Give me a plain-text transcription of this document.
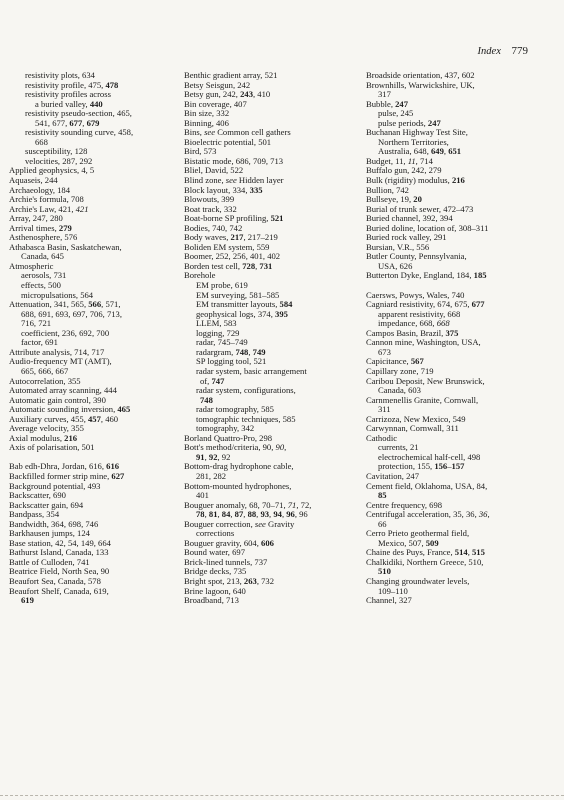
Index 779
resistivity plots, 634
resistivity profile, 475, 478
resistivity profiles across
a buried valley, 440
resistivity pseudo-section, 465,
541, 677, 677, 679
resistivity sounding curve, 458,
668
susceptibility, 128
velocities, 287, 292
Applied geophysics, 4, 5
Aquaseis, 244
Archaeology, 184
Archie's formula, 708
Archie's Law, 421, 421
Array, 247, 280
Arrival times, 279
Asthenosphere, 576
Athabasca Basin, Saskatchewan,
Canada, 645
Atmospheric
aerosols, 731
effects, 500
micropulsations, 564
Attenuation, 341, 565, 566, 571,
688, 691, 693, 697, 706, 713,
716, 721
coefficient, 236, 692, 700
factor, 691
Attribute analysis, 714, 717
Audio-frequency MT (AMT),
665, 666, 667
Autocorrelation, 355
Automated array scanning, 444
Automatic gain control, 390
Automatic sounding inversion, 465
Auxiliary curves, 455, 457, 460
Average velocity, 355
Axial modulus, 216
Axis of polarisation, 501
Bab edh-Dhra, Jordan, 616, 616
Backfilled former strip mine, 627
Background potential, 493
Backscatter, 690
Backscatter gain, 694
Bandpass, 354
Bandwidth, 364, 698, 746
Barkhausen jumps, 124
Base station, 42, 54, 149, 664
Bathurst Island, Canada, 133
Battle of Culloden, 741
Beatrice Field, North Sea, 90
Beaufort Sea, Canada, 578
Beaufort Shelf, Canada, 619,
619
Benthic gradient array, 521
Betsy Seisgun, 242
Betsy gun, 242, 243, 410
Bin coverage, 407
Bin size, 332
Binning, 406
Bins, see Common cell gathers
Bioelectric potential, 501
Bird, 573
Bistatic mode, 686, 709, 713
Bliel, David, 522
Blind zone, see Hidden layer
Block layout, 334, 335
Blowouts, 399
Boat track, 332
Boat-borne SP profiling, 521
Bodies, 740, 742
Body waves, 217, 217–219
Boliden EM system, 559
Boomer, 252, 256, 401, 402
Borden test cell, 728, 731
Borehole
EM probe, 619
EM surveying, 581–585
EM transmitter layouts, 584
geophysical logs, 374, 395
LLEM, 583
logging, 729
radar, 745–749
radargram, 748, 749
SP logging tool, 521
radar system, basic arrangement
of, 747
radar system, configurations,
748
radar tomography, 585
tomographic techniques, 585
tomography, 342
Borland Quattro-Pro, 298
Bott's method/criteria, 90, 90,
91, 92, 92
Bottom-drag hydrophone cable,
281, 282
Bottom-mounted hydrophones,
401
Bouguer anomaly, 68, 70–71, 71, 72,
78, 81, 84, 87, 88, 93, 94, 96, 96
Bouguer correction, see Gravity
corrections
Bouguer gravity, 604, 606
Bound water, 697
Brick-lined tunnels, 737
Bridge decks, 735
Bright spot, 213, 263, 732
Brine lagoon, 640
Broadband, 713
Broadside orientation, 437, 602
Brownhills, Warwickshire, UK,
317
Bubble, 247
pulse, 245
pulse periods, 247
Buchanan Highway Test Site,
Northern Territories,
Australia, 648, 649, 651
Budget, 11, 11, 714
Buffalo gun, 242, 279
Bulk (rigidity) modulus, 216
Bullion, 742
Bullseye, 19, 20
Burial of trunk sewer, 472–473
Buried channel, 392, 394
Buried doline, location of, 308–311
Buried rock valley, 291
Bursian, V.R., 556
Butler County, Pennsylvania,
USA, 626
Butterton Dyke, England, 184, 185
Caersws, Powys, Wales, 740
Cagniard resistivity, 674, 675, 677
apparent resistivity, 668
impedance, 668, 668
Campos Basin, Brazil, 375
Cannon mine, Washington, USA,
673
Capicitance, 567
Capillary zone, 719
Caribou Deposit, New Brunswick,
Canada, 603
Carnmenellis Granite, Cornwall,
311
Carrizoza, New Mexico, 549
Carwynnan, Cornwall, 311
Cathodic
currents, 21
electrochemical half-cell, 498
protection, 155, 156–157
Cavitation, 247
Cement field, Oklahoma, USA, 84,
85
Centre frequency, 698
Centrifugal acceleration, 35, 36, 36,
66
Cerro Prieto geothermal field,
Mexico, 507, 509
Chaine des Puys, France, 514, 515
Chalkidiki, Northern Greece, 510,
510
Changing groundwater levels,
109–110
Channel, 327
